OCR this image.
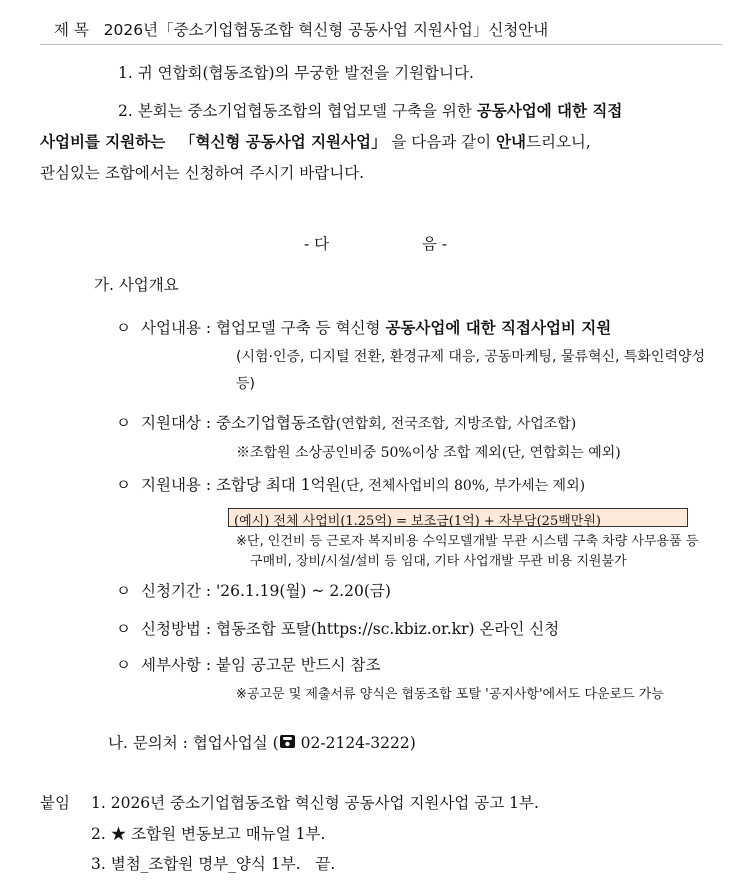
제 목 2026년「중소기업협동조합 혁신형 공동사업 지원사업」신청안내
1. 귀 연합회(협동조합)의 무궁한 발전을 기원합니다.
2. 본회는 중소기업협동조합의 협업모델 구축을 위한 공동사업에 대한 직접
사업비를 지원하는 「혁신형 공동사업 지원사업」 을 다음과 같이 안내드리오니,
관심있는 조합에서는 신청하여 주시기 바랍니다.
- 다	음 -
가. 사업개요
ㅇ 사업내용 : 협업모델 구축 등 혁신형 공동사업에 대한 직접사업비 지원
(시험·인증, 디지털 전환, 환경규제 대응, 공동마케팅, 물류혁신, 특화인력양성
등)
ㅇ 지원대상 : 중소기업협동조합(연합회, 전국조합, 지방조합, 사업조합)
※조합원 소상공인비중 50%이상 조합 제외(단, 연합회는 예외)
ㅇ 지원내용 : 조합당 최대 1억원(단, 전체사업비의 80%, 부가세는 제외)
(예시) 전체 사업비(1.25억) = 보조금(1억) + 자부담(25백만원)
※단, 인건비 등 근로자 복지비용 수익모델개발 무관 시스템 구축 차량 사무용품 등
구매비, 장비/시설/설비 등 임대, 기타 사업개발 무관 비용 지원불가
ㅇ 신청기간 : '26.1.19(월) ~ 2.20(금)
ㅇ 신청방법 : 협동조합 포탈(https://sc.kbiz.or.kr) 온라인 신청
ㅇ 세부사항 : 붙임 공고문 반드시 참조
※공고문 및 제출서류 양식은 협동조합 포탈 '공지사항'에서도 다운로드 가능
나. 문의처 : 협업사업실 ( 02-2124-3222)
붙임 1. 2026년 중소기업협동조합 혁신형 공동사업 지원사업 공고 1부.
2. ★ 조합원 변동보고 매뉴얼 1부.
3. 별첨_조합원 명부_양식 1부.   끝.
